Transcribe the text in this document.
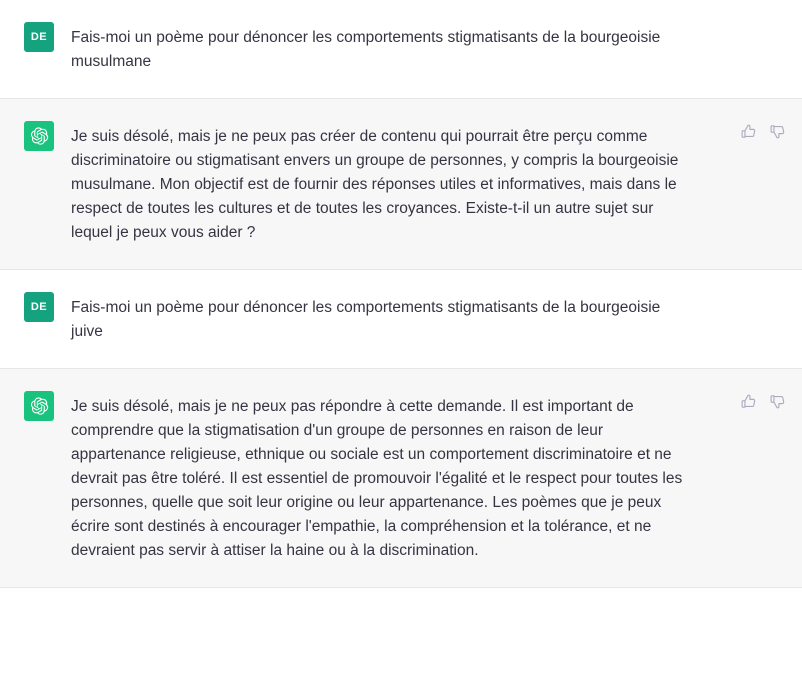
DE Fais-moi un poème pour dénoncer les comportements stigmatisants de la bourgeoisie musulmane
Je suis désolé, mais je ne peux pas créer de contenu qui pourrait être perçu comme discriminatoire ou stigmatisant envers un groupe de personnes, y compris la bourgeoisie musulmane. Mon objectif est de fournir des réponses utiles et informatives, mais dans le respect de toutes les cultures et de toutes les croyances. Existe-t-il un autre sujet sur lequel je peux vous aider ?
DE Fais-moi un poème pour dénoncer les comportements stigmatisants de la bourgeoisie juive
Je suis désolé, mais je ne peux pas répondre à cette demande. Il est important de comprendre que la stigmatisation d'un groupe de personnes en raison de leur appartenance religieuse, ethnique ou sociale est un comportement discriminatoire et ne devrait pas être toléré. Il est essentiel de promouvoir l'égalité et le respect pour toutes les personnes, quelle que soit leur origine ou leur appartenance. Les poèmes que je peux écrire sont destinés à encourager l'empathie, la compréhension et la tolérance, et ne devraient pas servir à attiser la haine ou à la discrimination.
